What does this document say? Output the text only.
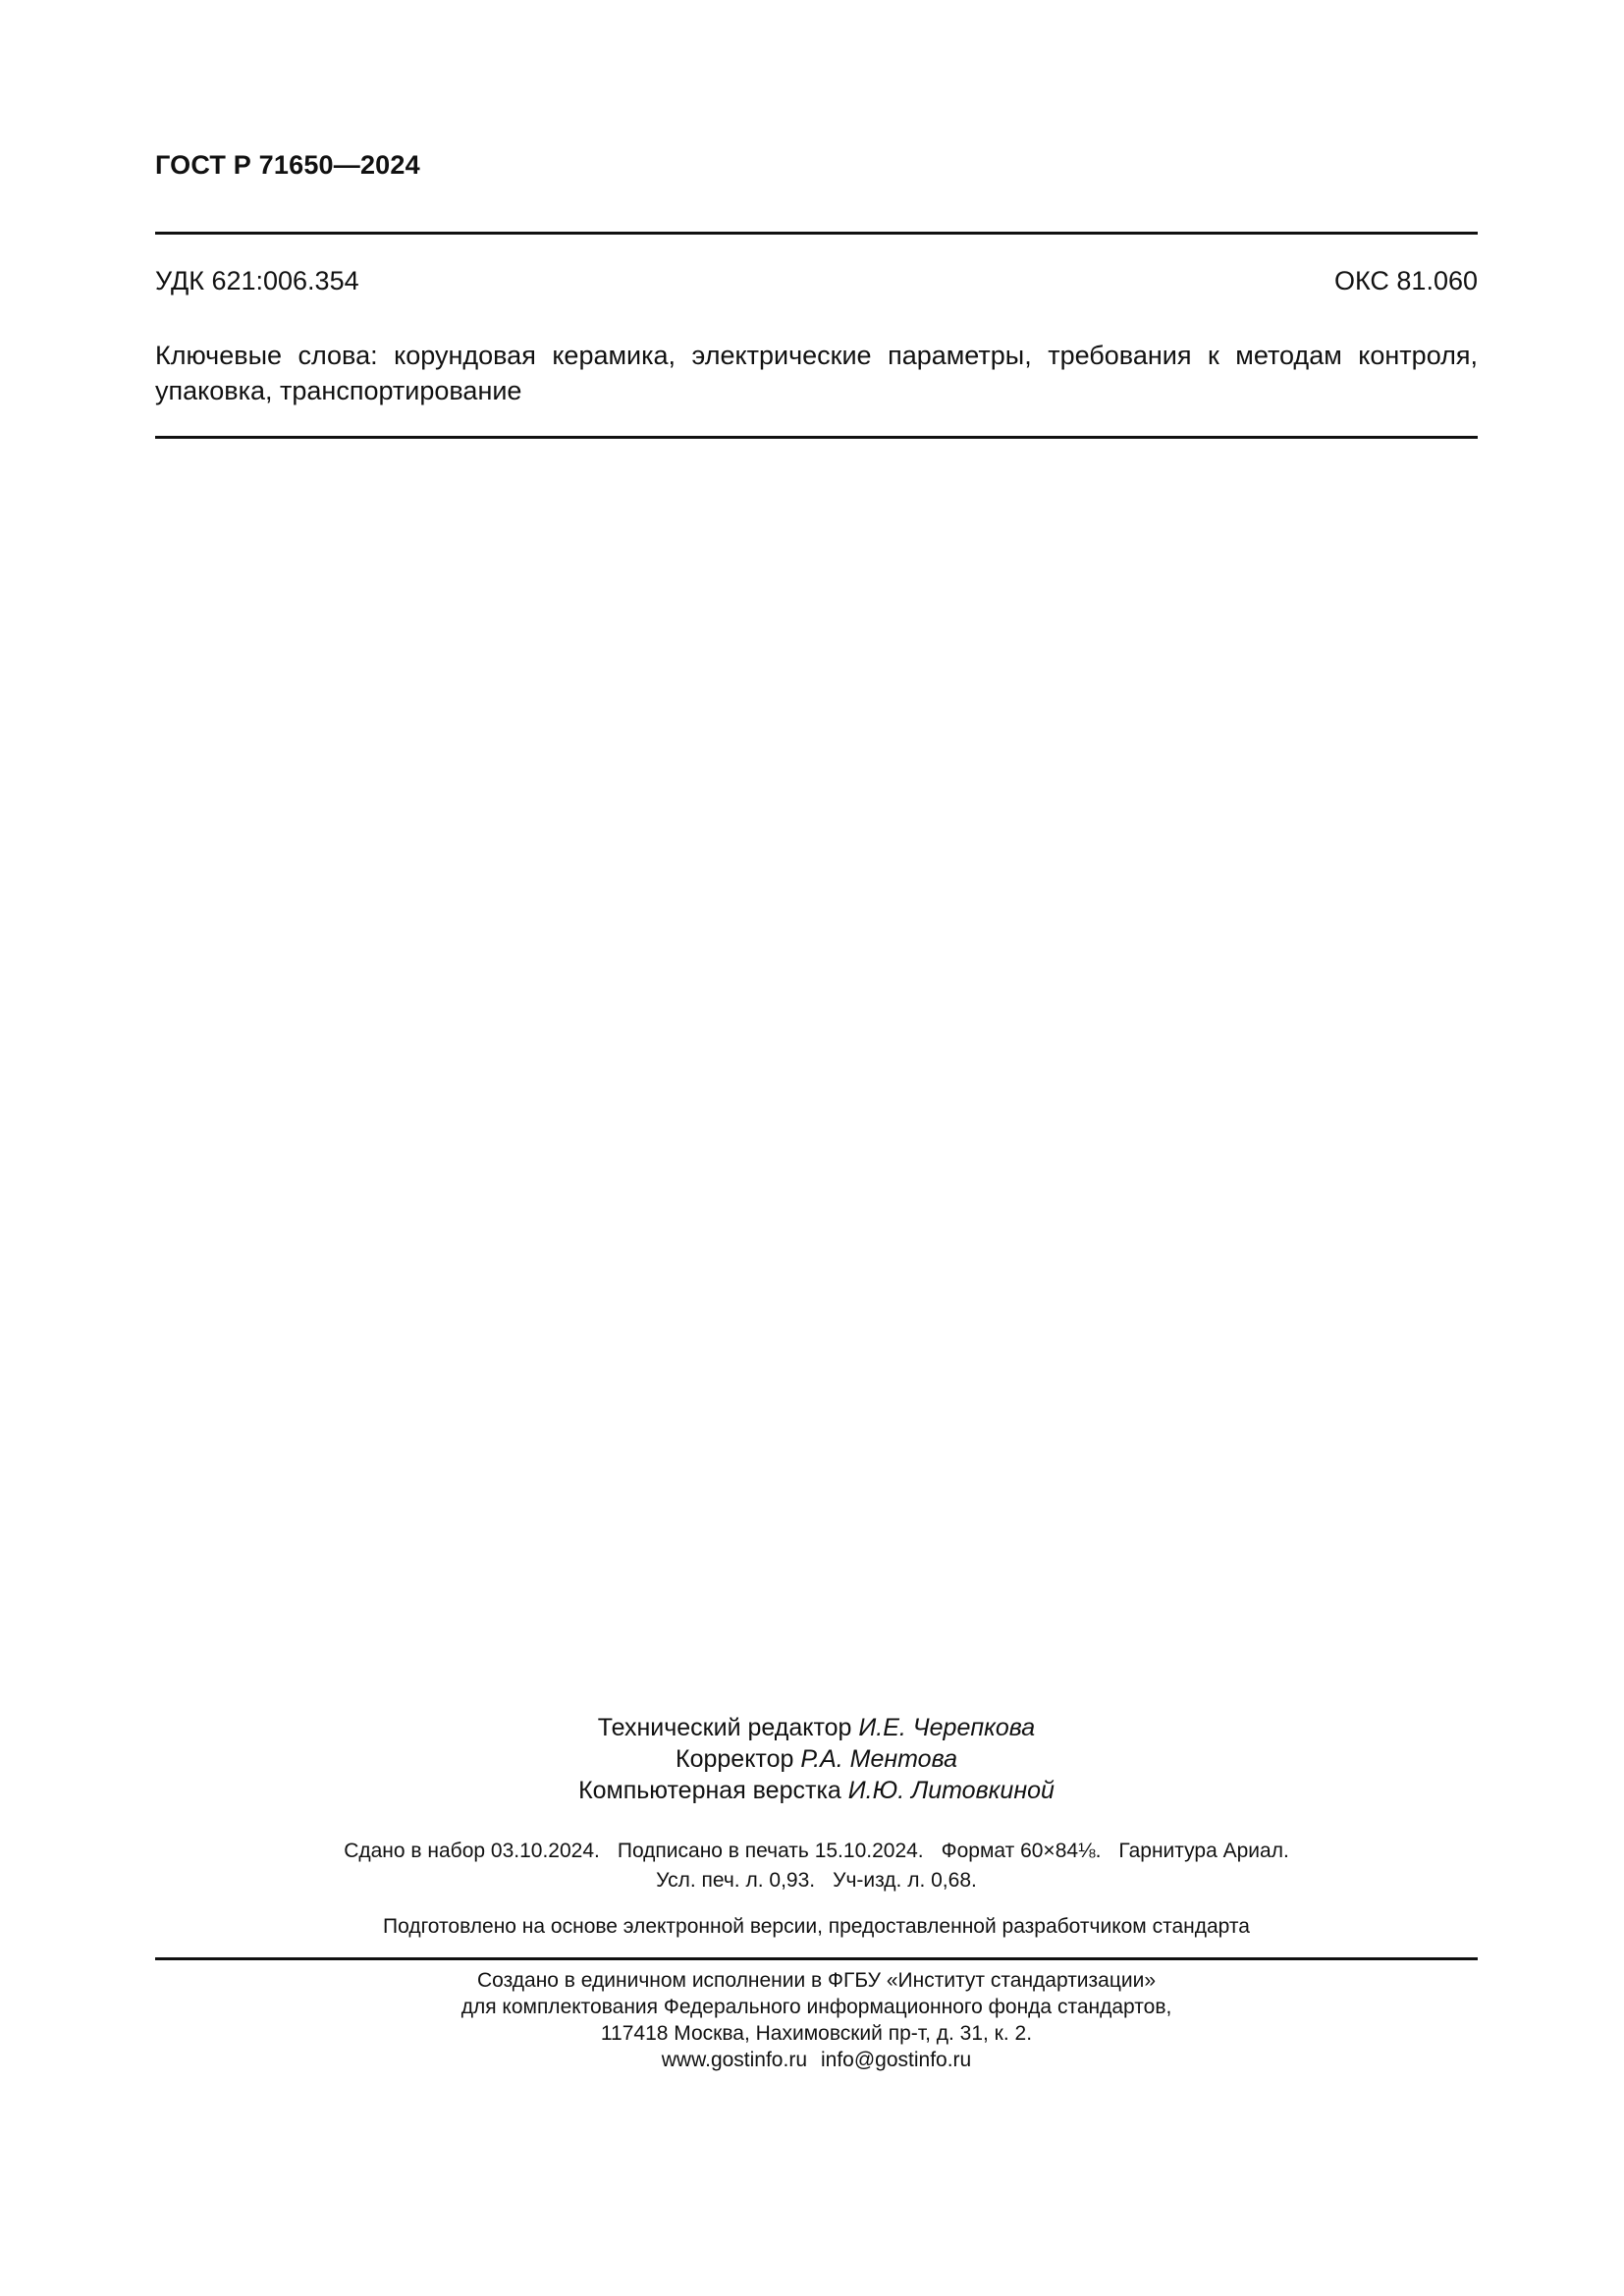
ГОСТ Р 71650—2024
УДК 621:006.354	ОКС 81.060
Ключевые слова: корундовая керамика, электрические параметры, требования к методам контроля,
упаковка, транспортирование
Технический редактор И.Е. Черепкова
Корректор Р.А. Ментова
Компьютерная верстка И.Ю. Литовкиной
Сдано в набор 03.10.2024. Подписано в печать 15.10.2024. Формат 60×84⅛. Гарнитура Ариал.
Усл. печ. л. 0,93. Уч-изд. л. 0,68.
Подготовлено на основе электронной версии, предоставленной разработчиком стандарта
Создано в единичном исполнении в ФГБУ «Институт стандартизации»
для комплектования Федерального информационного фонда стандартов,
117418 Москва, Нахимовский пр-т, д. 31, к. 2.
www.gostinfo.ru info@gostinfo.ru
